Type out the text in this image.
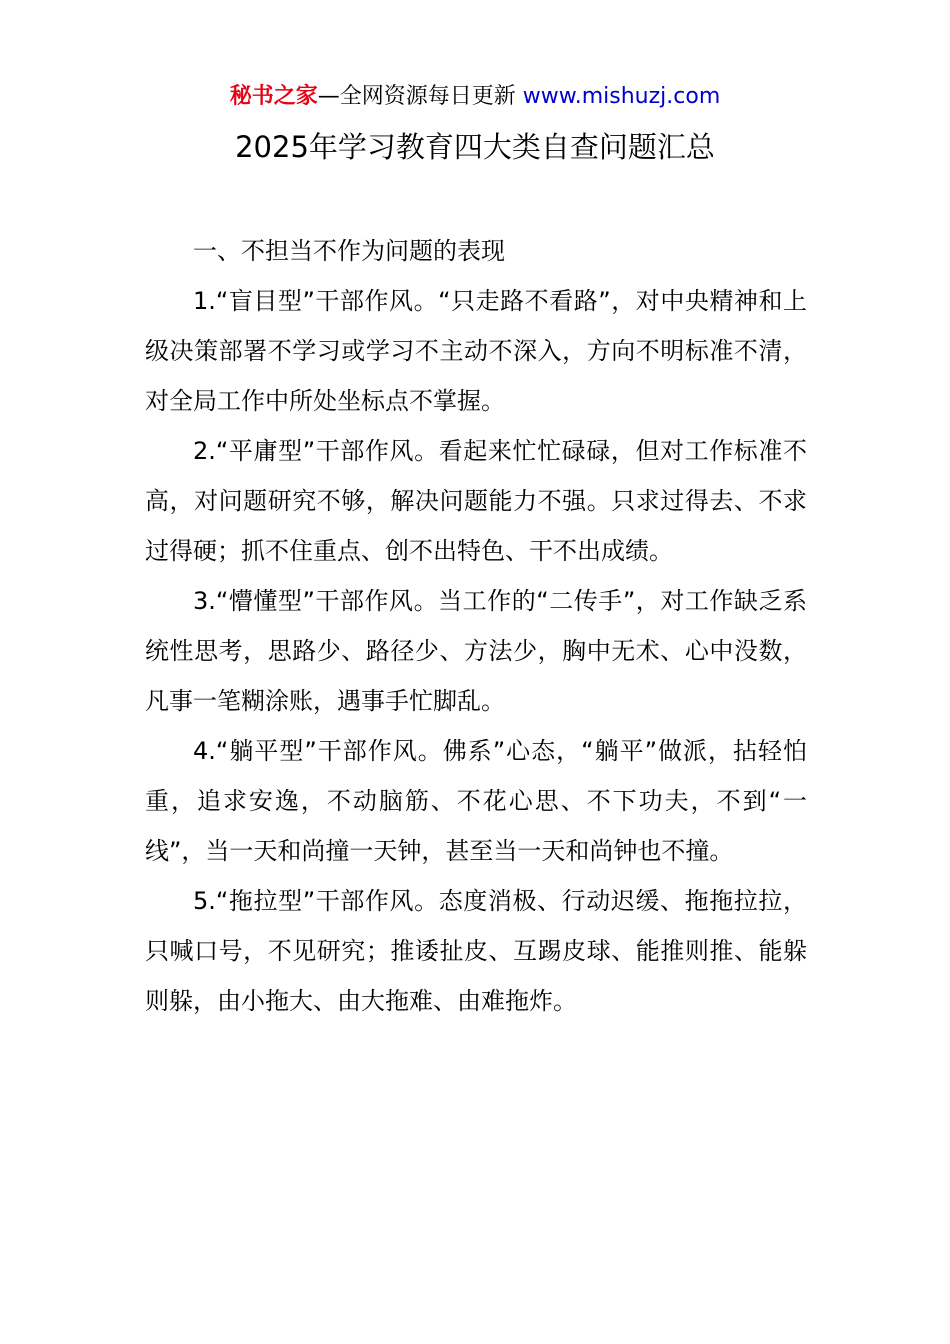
秘书之家—全网资源每日更新 www.mishuzj.com
2025年学习教育四大类自查问题汇总

一、不担当不作为问题的表现

1.“盲目型”干部作风。“只走路不看路”，对中央精神和上级决策部署不学习或学习不主动不深入，方向不明标准不清，对全局工作中所处坐标点不掌握。

2.“平庸型”干部作风。看起来忙忙碌碌，但对工作标准不高，对问题研究不够，解决问题能力不强。只求过得去、不求过得硬；抓不住重点、创不出特色、干不出成绩。

3.“懵懂型”干部作风。当工作的“二传手”，对工作缺乏系统性思考，思路少、路径少、方法少，胸中无术、心中没数，凡事一笔糊涂账，遇事手忙脚乱。

4.“躺平型”干部作风。佛系”心态，“躺平”做派，拈轻怕重，追求安逸，不动脑筋、不花心思、不下功夫，不到“一线”，当一天和尚撞一天钟，甚至当一天和尚钟也不撞。

5.“拖拉型”干部作风。态度消极、行动迟缓、拖拖拉拉，只喊口号，不见研究；推诿扯皮、互踢皮球、能推则推、能躲则躲，由小拖大、由大拖难、由难拖炸。
